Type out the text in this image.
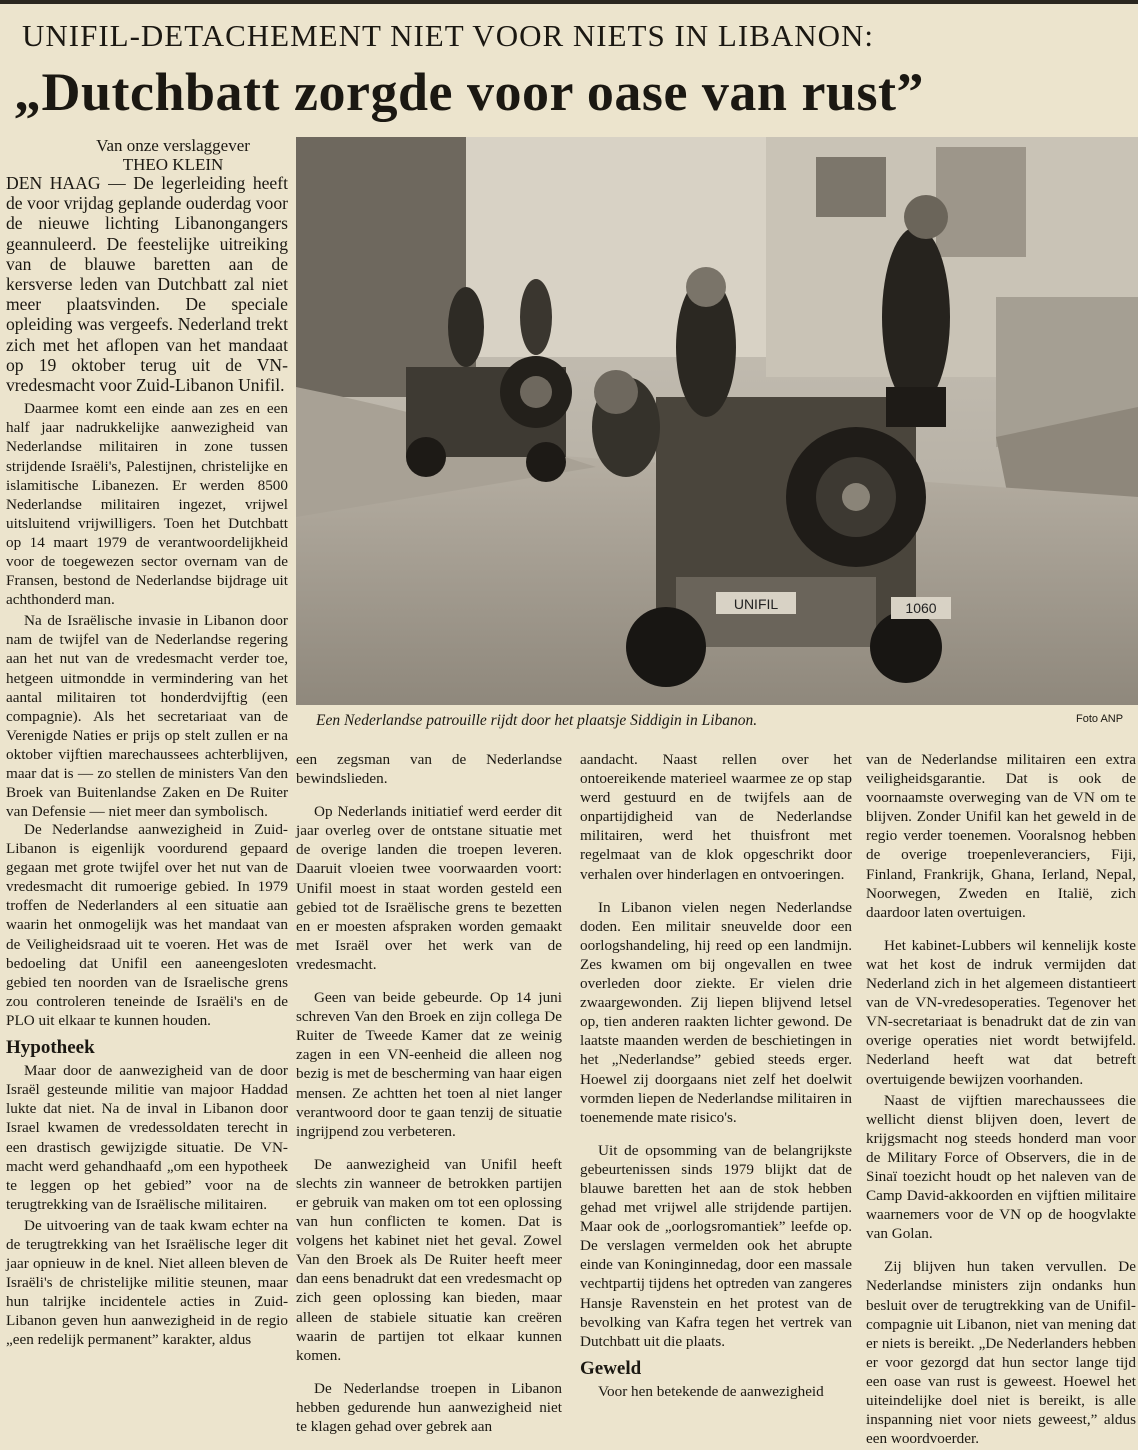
UNIFIL-DETACHEMENT NIET VOOR NIETS IN LIBANON:
„Dutchbatt zorgde voor oase van rust”
Van onze verslaggever
THEO KLEIN

DEN HAAG — De legerleiding heeft de voor vrijdag geplande ouderdag voor de nieuwe lichting Libanongangers geannuleerd. De feestelijke uitreiking van de blauwe baretten aan de kersverse leden van Dutchbatt zal niet meer plaatsvinden. De speciale opleiding was vergeefs. Nederland trekt zich met het aflopen van het mandaat op 19 oktober terug uit de VN-vredesmacht voor Zuid-Libanon Unifil.

Daarmee komt een einde aan zes en een half jaar nadrukkelijke aanwezigheid van Nederlandse militairen in zone tussen strijdende Israëli's, Palestijnen, christelijke en islamitische Libanezen. Er werden 8500 Nederlandse militairen ingezet, vrijwel uitsluitend vrijwilligers. Toen het Dutchbatt op 14 maart 1979 de verantwoordelijkheid voor de toegewezen sector overnam van de Fransen, bestond de Nederlandse bijdrage uit achthonderd man.

Na de Israëlische invasie in Libanon door nam de twijfel van de Nederlandse regering aan het nut van de vredesmacht verder toe, hetgeen uitmondde in vermindering van het aantal militairen tot honderdvijftig (een compagnie). Als het secretariaat van de Verenigde Naties er prijs op stelt zullen er na oktober vijftien marechaussees achterblijven, maar dat is — zo stellen de ministers Van den Broek van Buitenlandse Zaken en De Ruiter van Defensie — niet meer dan symbolisch.

De Nederlandse aanwezigheid in Zuid-Libanon is eigenlijk voordurend gepaard gegaan met grote twijfel over het nut van de vredesmacht dit rumoerige gebied. In 1979 troffen de Nederlanders al een situatie aan waarin het onmogelijk was het mandaat van de Veiligheidsraad uit te voeren. Het was de bedoeling dat Unifil een aaneengesloten gebied ten noorden van de Israelische grens zou controleren teneinde de Israëli's en de PLO uit elkaar te kunnen houden.

Hypotheek

Maar door de aanwezigheid van de door Israël gesteunde militie van majoor Haddad lukte dat niet. Na de inval in Libanon door Israel kwamen de vredessoldaten terecht in een drastisch gewijzigde situatie. De VN-macht werd gehandhaafd „om een hypotheek te leggen op het gebied” voor na de terugtrekking van de Israëlische militairen.

De uitvoering van de taak kwam echter na de terugtrekking van het Israëlische leger dit jaar opnieuw in de knel. Niet alleen bleven de Israëli's de christelijke militie steunen, maar hun talrijke incidentele acties in Zuid-Libanon geven hun aanwezigheid in de regio „een redelijk permanent” karakter, aldus

UNIFIL	1060
Een Nederlandse patrouille rijdt door het plaatsje Siddigin in Libanon.	Foto ANP

een zegsman van de Nederlandse bewindslieden.

Op Nederlands initiatief werd eerder dit jaar overleg over de ontstane situatie met de overige landen die troepen leveren. Daaruit vloeien twee voorwaarden voort: Unifil moest in staat worden gesteld een gebied tot de Israëlische grens te bezetten en er moesten afspraken worden gemaakt met Israël over het werk van de vredesmacht.

Geen van beide gebeurde. Op 14 juni schreven Van den Broek en zijn collega De Ruiter de Tweede Kamer dat ze weinig zagen in een VN-eenheid die alleen nog bezig is met de bescherming van haar eigen mensen. Ze achtten het toen al niet langer verantwoord door te gaan tenzij de situatie ingrijpend zou verbeteren.

De aanwezigheid van Unifil heeft slechts zin wanneer de betrokken partijen er gebruik van maken om tot een oplossing van hun conflicten te komen. Dat is volgens het kabinet niet het geval. Zowel Van den Broek als De Ruiter heeft meer dan eens benadrukt dat een vredesmacht op zich geen oplossing kan bieden, maar alleen de stabiele situatie kan creëren waarin de partijen tot elkaar kunnen komen.

De Nederlandse troepen in Libanon hebben gedurende hun aanwezigheid niet te klagen gehad over gebrek aan

aandacht. Naast rellen over het ontoereikende materieel waarmee ze op stap werd gestuurd en de twijfels aan de onpartijdigheid van de Nederlandse militairen, werd het thuisfront met regelmaat van de klok opgeschrikt door verhalen over hinderlagen en ontvoeringen.

In Libanon vielen negen Nederlandse doden. Een militair sneuvelde door een oorlogshandeling, hij reed op een landmijn. Zes kwamen om bij ongevallen en twee overleden door ziekte. Er vielen drie zwaargewonden. Zij liepen blijvend letsel op, tien anderen raakten lichter gewond. De laatste maanden werden de beschietingen in het „Nederlandse” gebied steeds erger. Hoewel zij doorgaans niet zelf het doelwit vormden liepen de Nederlandse militairen in toenemende mate risico's.

Uit de opsomming van de belangrijkste gebeurtenissen sinds 1979 blijkt dat de blauwe baretten het aan de stok hebben gehad met vrijwel alle strijdende partijen. Maar ook de „oorlogsromantiek” leefde op. De verslagen vermelden ook het abrupte einde van Koninginnedag, door een massale vechtpartij tijdens het optreden van zangeres Hansje Ravenstein en het protest van de bevolking van Kafra tegen het vertrek van Dutchbatt uit die plaats.

Geweld

Voor hen betekende de aanwezigheid

van de Nederlandse militairen een extra veiligheidsgarantie. Dat is ook de voornaamste overweging van de VN om te blijven. Zonder Unifil kan het geweld in de regio verder toenemen. Vooralsnog hebben de overige troepenleveranciers, Fiji, Finland, Frankrijk, Ghana, Ierland, Nepal, Noorwegen, Zweden en Italië, zich daardoor laten overtuigen.

Het kabinet-Lubbers wil kennelijk koste wat het kost de indruk vermijden dat Nederland zich in het algemeen distantieert van de VN-vredesoperaties. Tegenover het VN-secretariaat is benadrukt dat de zin van overige operaties niet wordt betwijfeld. Nederland heeft wat dat betreft overtuigende bewijzen voorhanden.

Naast de vijftien marechaussees die wellicht dienst blijven doen, levert de krijgsmacht nog steeds honderd man voor de Military Force of Observers, die in de Sinaï toezicht houdt op het naleven van de Camp David-akkoorden en vijftien militaire waarnemers voor de VN op de hoogvlakte van Golan.

Zij blijven hun taken vervullen. De Nederlandse ministers zijn ondanks hun besluit over de terugtrekking van de Unifil-compagnie uit Libanon, niet van mening dat er niets is bereikt. „De Nederlanders hebben er voor gezorgd dat hun sector lange tijd een oase van rust is geweest. Hoewel het uiteindelijke doel niet is bereikt, is alle inspanning niet voor niets geweest,” aldus een woordvoerder.
